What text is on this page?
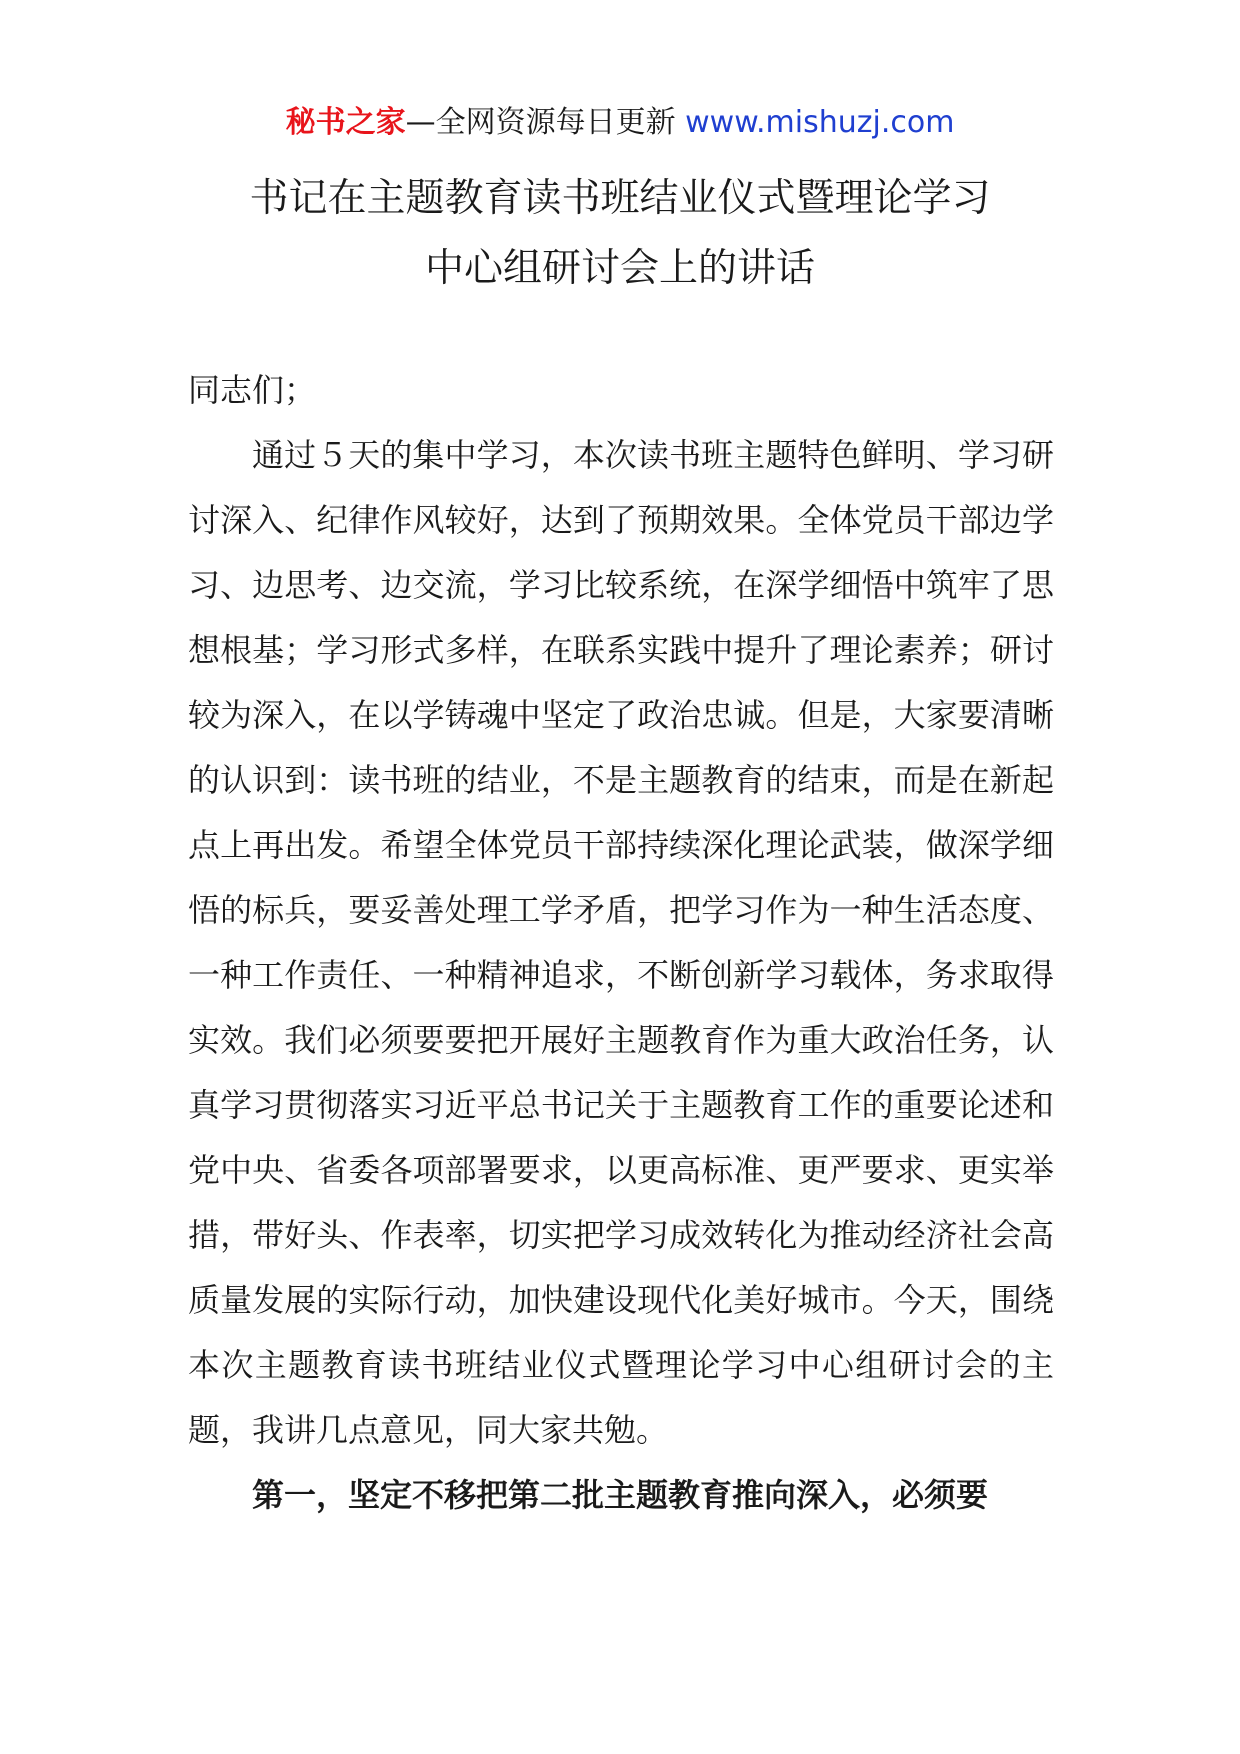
秘书之家—全网资源每日更新 www.mishuzj.com
书记在主题教育读书班结业仪式暨理论学习
中心组研讨会上的讲话

同志们；

通过５天的集中学习，本次读书班主题特色鲜明、学习研讨深入、纪律作风较好，达到了预期效果。全体党员干部边学习、边思考、边交流，学习比较系统，在深学细悟中筑牢了思想根基；学习形式多样，在联系实践中提升了理论素养；研讨较为深入，在以学铸魂中坚定了政治忠诚。但是，大家要清晰的认识到：读书班的结业，不是主题教育的结束，而是在新起点上再出发。希望全体党员干部持续深化理论武装，做深学细悟的标兵，要妥善处理工学矛盾，把学习作为一种生活态度、一种工作责任、一种精神追求，不断创新学习载体，务求取得实效。我们必须要要把开展好主题教育作为重大政治任务，认真学习贯彻落实习近平总书记关于主题教育工作的重要论述和党中央、省委各项部署要求，以更高标准、更严要求、更实举措，带好头、作表率，切实把学习成效转化为推动经济社会高质量发展的实际行动，加快建设现代化美好城市。今天，围绕本次主题教育读书班结业仪式暨理论学习中心组研讨会的主题，我讲几点意见，同大家共勉。

第一，坚定不移把第二批主题教育推向深入，必须要
